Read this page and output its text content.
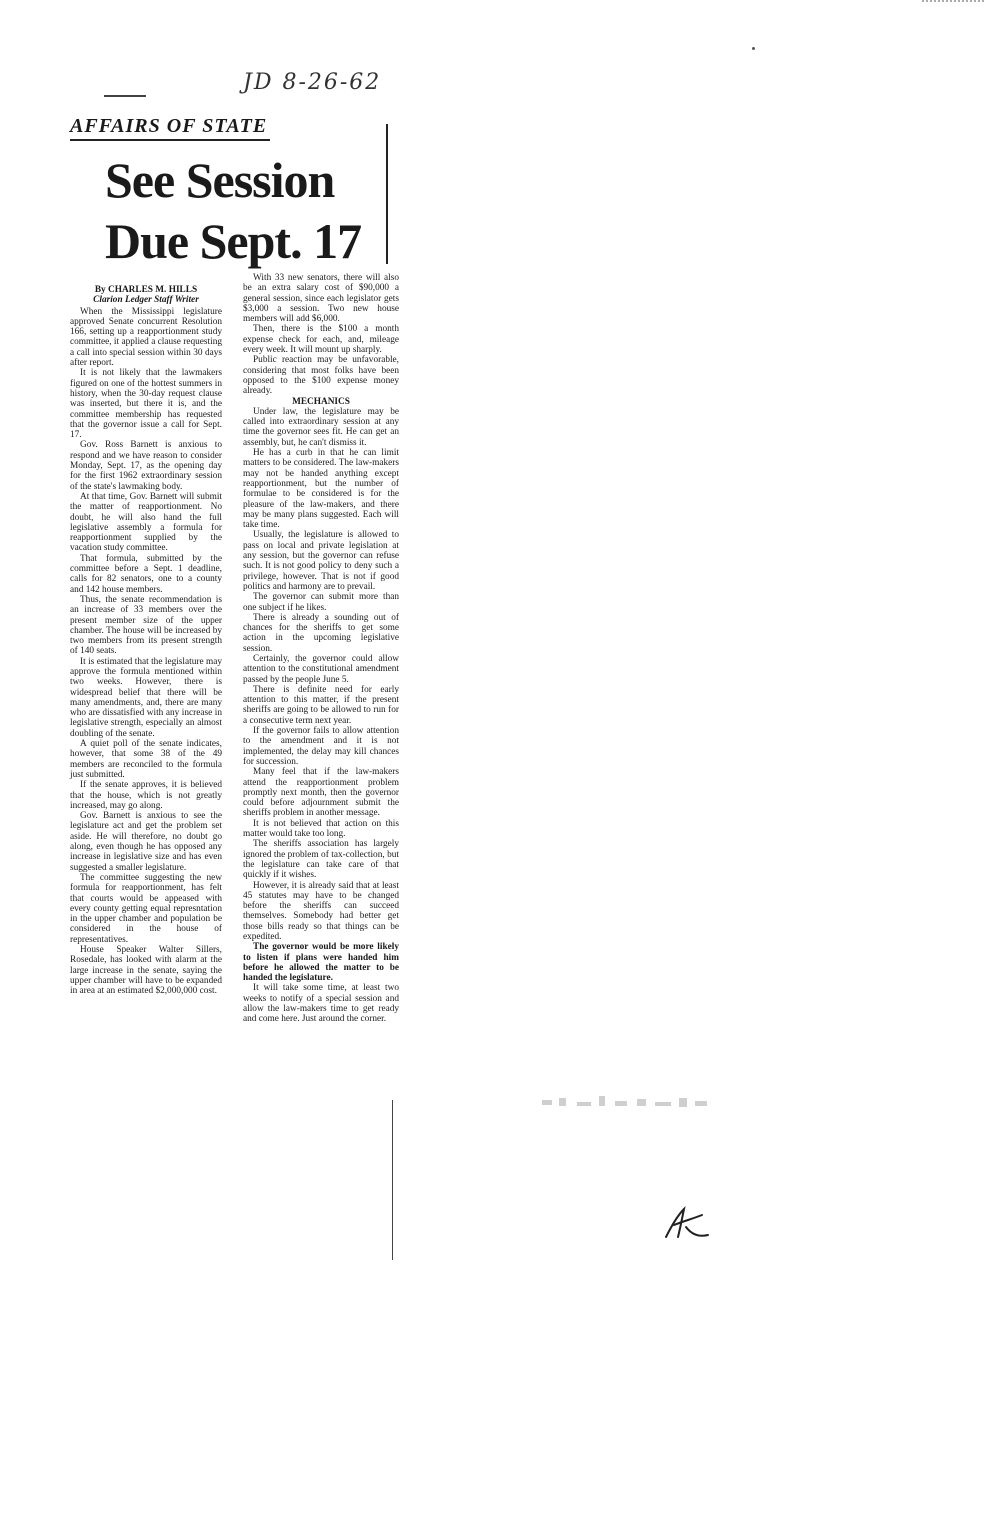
JD 8-26-62
AFFAIRS OF STATE
See Session
Due Sept. 17
By CHARLES M. HILLS
Clarion Ledger Staff Writer

When the Mississippi legislature approved Senate concurrent Resolution 166, setting up a reapportionment study committee, it applied a clause requesting a call into special session within 30 days after report.

It is not likely that the lawmakers figured on one of the hottest summers in history, when the 30-day request clause was inserted, but there it is, and the committee membership has requested that the governor issue a call for Sept. 17.

Gov. Ross Barnett is anxious to respond and we have reason to consider Monday, Sept. 17, as the opening day for the first 1962 extraordinary session of the state's lawmaking body.

At that time, Gov. Barnett will submit the matter of reapportionment. No doubt, he will also hand the full legislative assembly a formula for reapportionment supplied by the vacation study committee.

That formula, submitted by the committee before a Sept. 1 deadline, calls for 82 senators, one to a county and 142 house members.

Thus, the senate recommendation is an increase of 33 members over the present member size of the upper chamber. The house will be increased by two members from its present strength of 140 seats.

It is estimated that the legislature may approve the formula mentioned within two weeks. However, there is widespread belief that there will be many amendments, and, there are many who are dissatisfied with any increase in legislative strength, especially an almost doubling of the senate.

A quiet poll of the senate indicates, however, that some 38 of the 49 members are reconciled to the formula just submitted.

If the senate approves, it is believed that the house, which is not greatly increased, may go along.

Gov. Barnett is anxious to see the legislature act and get the problem set aside. He will therefore, no doubt go along, even though he has opposed any increase in legislative size and has even suggested a smaller legislature.

The committee suggesting the new formula for reapportionment, has felt that courts would be appeased with every county getting equal represntation in the upper chamber and population be considered in the house of representatives.

House Speaker Walter Sillers, Rosedale, has looked with alarm at the large increase in the senate, saying the upper chamber will have to be expanded in area at an estimated $2,000,000 cost.

With 33 new senators, there will also be an extra salary cost of $90,000 a general session, since each legislator gets $3,000 a session. Two new house members will add $6,000.

Then, there is the $100 a month expense check for each, and, mileage every week. It will mount up sharply.

Public reaction may be unfavorable, considering that most folks have been opposed to the $100 expense money already.

MECHANICS

Under law, the legislature may be called into extraordinary session at any time the governor sees fit. He can get an assembly, but, he can't dismiss it.

He has a curb in that he can limit matters to be considered. The law-makers may not be handed anything except reapportionment, but the number of formulae to be considered is for the pleasure of the law-makers, and there may be many plans suggested. Each will take time.

Usually, the legislature is allowed to pass on local and private legislation at any session, but the governor can refuse such. It is not good policy to deny such a privilege, however. That is not if good politics and harmony are to prevail.

The governor can submit more than one subject if he likes.

There is already a sounding out of chances for the sheriffs to get some action in the upcoming legislative session.

Certainly, the governor could allow attention to the constitutional amendment passed by the people June 5.

There is definite need for early attention to this matter, if the present sheriffs are going to be allowed to run for a consecutive term next year.

If the governor fails to allow attention to the amendment and it is not implemented, the delay may kill chances for succession.

Many feel that if the law-makers attend the reapportionment problem promptly next month, then the governor could before adjournment submit the sheriffs problem in another message.

It is not believed that action on this matter would take too long.

The sheriffs association has largely ignored the problem of tax-collection, but the legislature can take care of that quickly if it wishes.

However, it is already said that at least 45 statutes may have to be changed before the sheriffs can succeed themselves. Somebody had better get those bills ready so that things can be expedited.

The governor would be more likely to listen if plans were handed him before he allowed the matter to be handed the legislature.

It will take some time, at least two weeks to notify of a special session and allow the law-makers time to get ready and come here. Just around the corner.
